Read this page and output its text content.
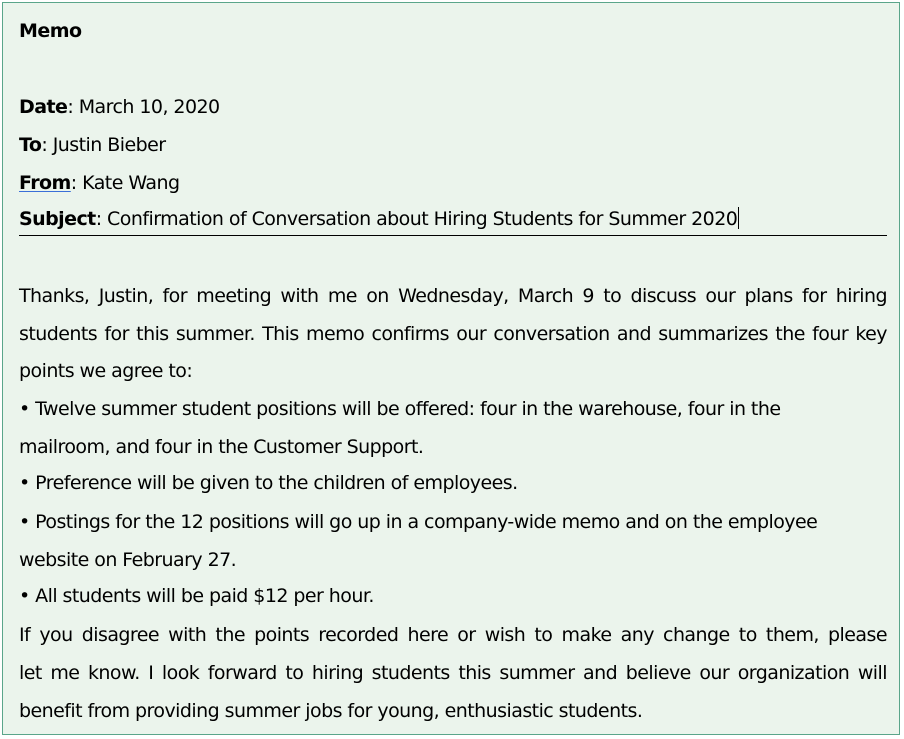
Memo
Date: March 10, 2020
To: Justin Bieber
From: Kate Wang
Subject: Confirmation of Conversation about Hiring Students for Summer 2020
Thanks, Justin, for meeting with me on Wednesday, March 9 to discuss our plans for hiring
students for this summer. This memo confirms our conversation and summarizes the four key
points we agree to:
• Twelve summer student positions will be offered: four in the warehouse, four in the
mailroom, and four in the Customer Support.
• Preference will be given to the children of employees.
• Postings for the 12 positions will go up in a company-wide memo and on the employee
website on February 27.
• All students will be paid $12 per hour.
If you disagree with the points recorded here or wish to make any change to them, please
let me know. I look forward to hiring students this summer and believe our organization will
benefit from providing summer jobs for young, enthusiastic students.
